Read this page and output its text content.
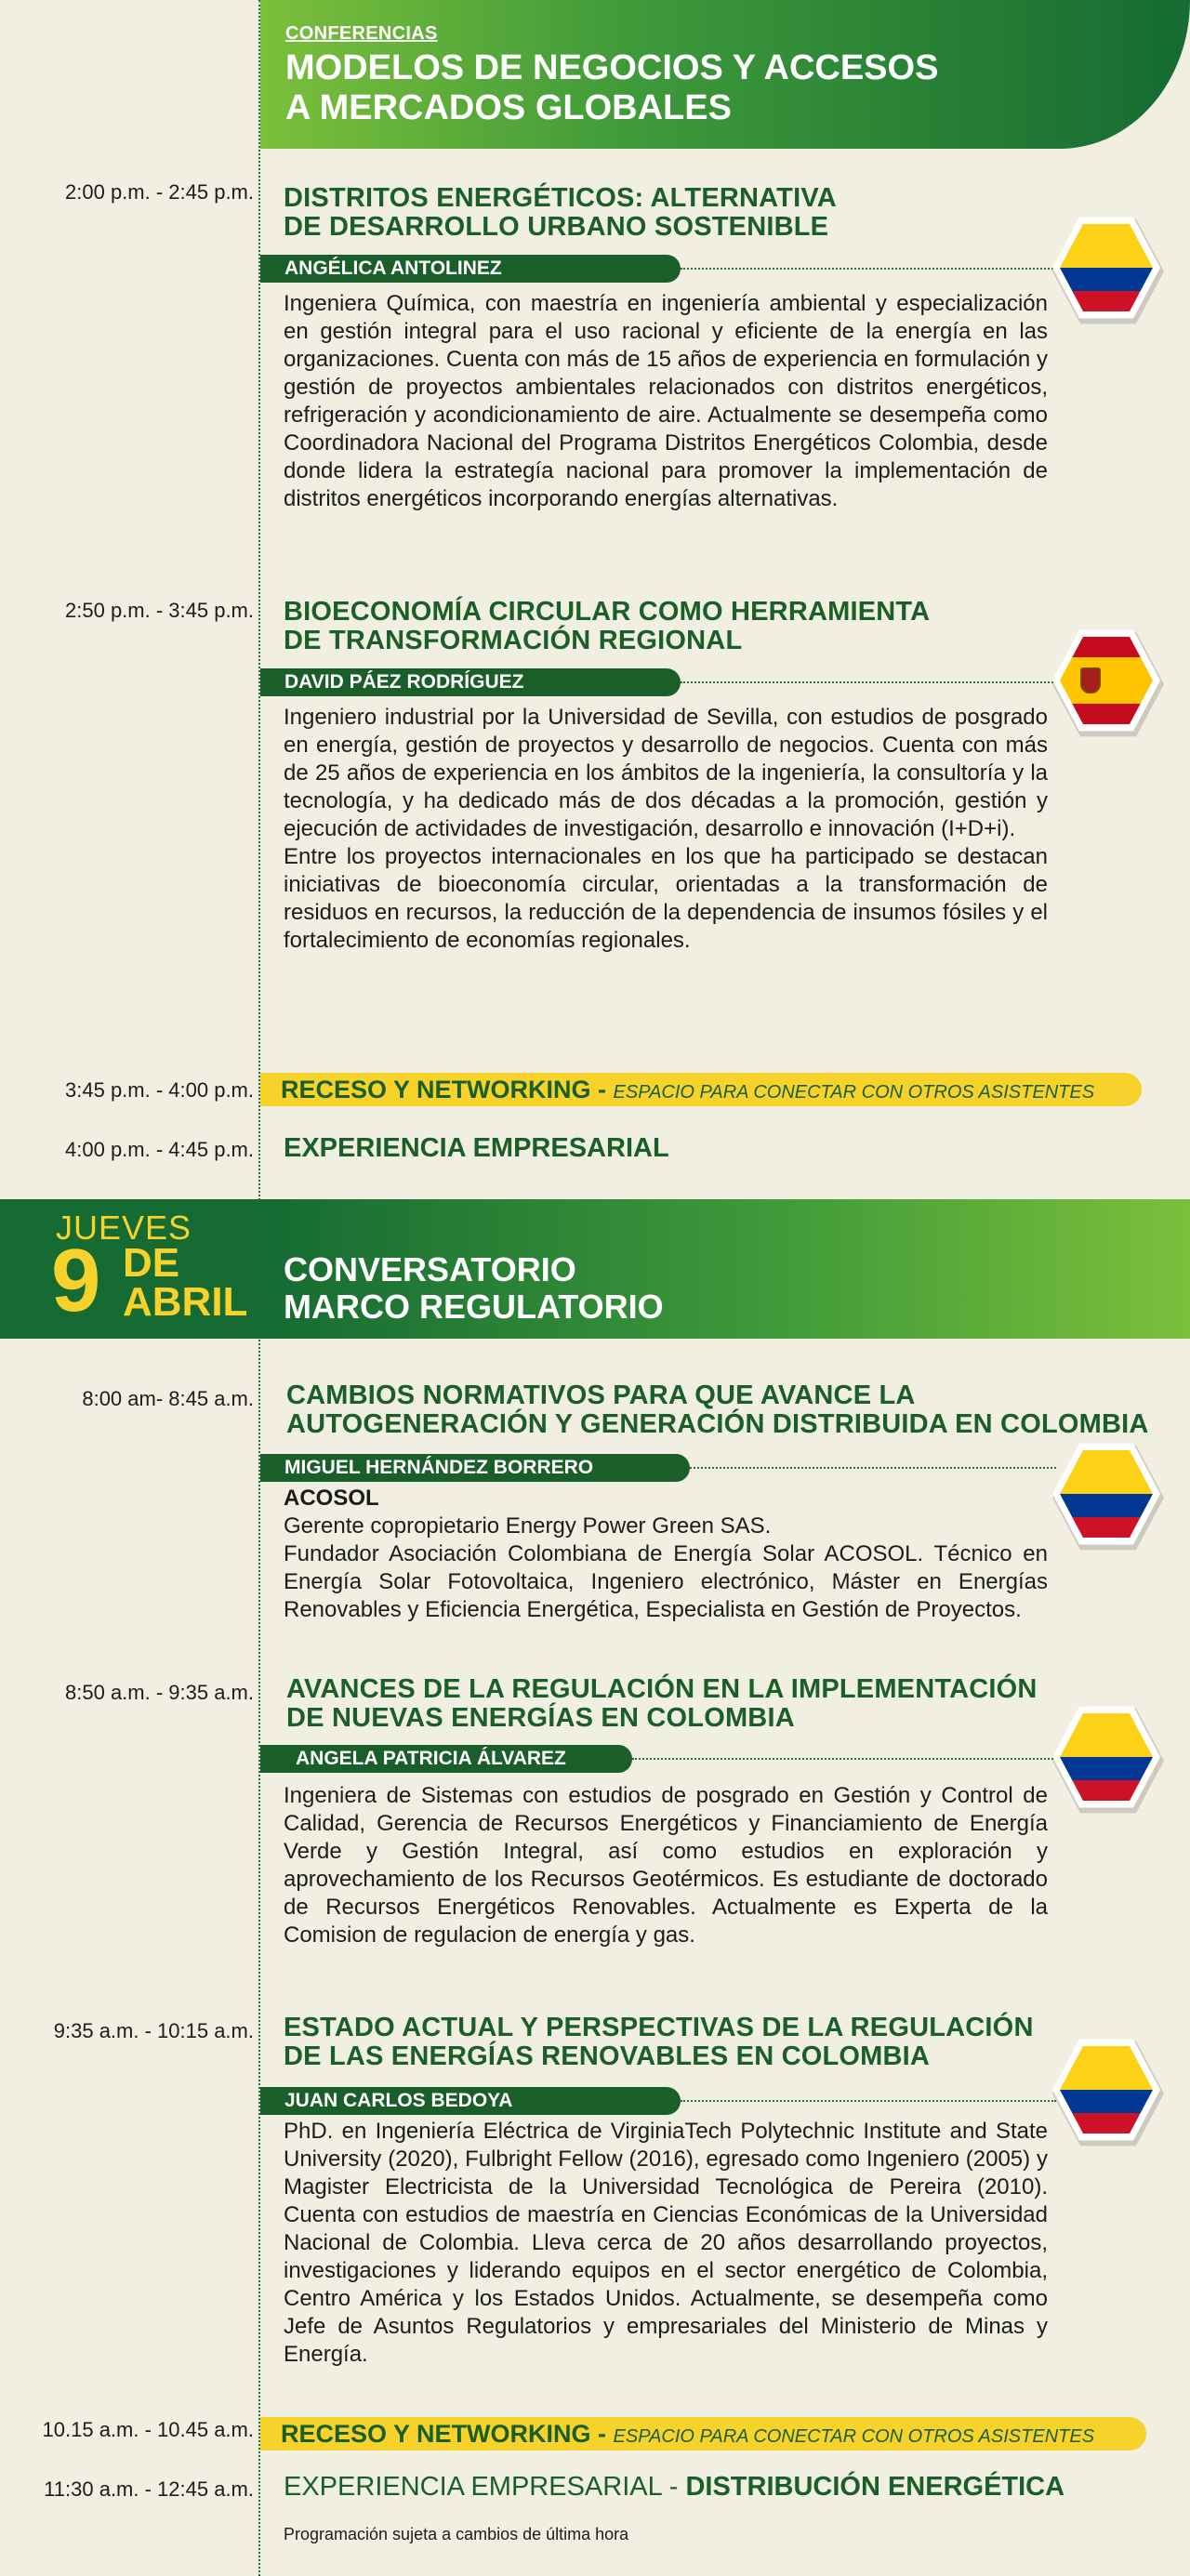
CONFERENCIAS
MODELOS DE NEGOCIOS Y ACCESOS
A MERCADOS GLOBALES
2:00 p.m. - 2:45 p.m. DISTRITOS ENERGÉTICOS: ALTERNATIVA
DE DESARROLLO URBANO SOSTENIBLE
ANGÉLICA ANTOLINEZ
Ingeniera Química, con maestría en ingeniería ambiental y especialización en gestión integral para el uso racional y eficiente de la energía en las organizaciones. Cuenta con más de 15 años de experiencia en formulación y gestión de proyectos ambientales relacionados con distritos energéticos, refrigeración y acondicionamiento de aire. Actualmente se desempeña como Coordinadora Nacional del Programa Distritos Energéticos Colombia, desde donde lidera la estrategía nacional para promover la implementación de distritos energéticos incorporando energías alternativas.
2:50 p.m. - 3:45 p.m. BIOECONOMÍA CIRCULAR COMO HERRAMIENTA
DE TRANSFORMACIÓN REGIONAL
DAVID PÁEZ RODRÍGUEZ

Ingeniero industrial por la Universidad de Sevilla, con estudios de posgrado en energía, gestión de proyectos y desarrollo de negocios. Cuenta con más de 25 años de experiencia en los ámbitos de la ingeniería, la consultoría y la tecnología, y ha dedicado más de dos décadas a la promoción, gestión y ejecución de actividades de investigación, desarrollo e innovación (I+D+i).

Entre los proyectos internacionales en los que ha participado se destacan iniciativas de bioeconomía circular, orientadas a la transformación de residuos en recursos, la reducción de la dependencia de insumos fósiles y el fortalecimiento de economías regionales.

3:45 p.m. - 4:00 p.m.	RECESO Y NETWORKING - ESPACIO PARA CONECTAR CON OTROS ASISTENTES
4:00 p.m. - 4:45 p.m. EXPERIENCIA EMPRESARIAL
JUEVES
9 DE
ABRIL
CONVERSATORIO
MARCO REGULATORIO
8:00 am- 8:45 a.m. CAMBIOS NORMATIVOS PARA QUE AVANCE LA
AUTOGENERACIÓN Y GENERACIÓN DISTRIBUIDA EN COLOMBIA
MIGUEL HERNÁNDEZ BORRERO

ACOSOL

Gerente copropietario Energy Power Green SAS.

Fundador Asociación Colombiana de Energía Solar ACOSOL. Técnico en Energía Solar Fotovoltaica, Ingeniero electrónico, Máster en Energías Renovables y Eficiencia Energética, Especialista en Gestión de Proyectos.

8:50 a.m. - 9:35 a.m. AVANCES DE LA REGULACIÓN EN LA IMPLEMENTACIÓN
DE NUEVAS ENERGÍAS EN COLOMBIA
ANGELA PATRICIA ÁLVAREZ
Ingeniera de Sistemas con estudios de posgrado en Gestión y Control de Calidad, Gerencia de Recursos Energéticos y Financiamiento de Energía Verde y Gestión Integral, así como estudios en exploración y aprovechamiento de los Recursos Geotérmicos. Es estudiante de doctorado de Recursos Energéticos Renovables. Actualmente es Experta de la Comision de regulacion de energía y gas.
9:35 a.m. - 10:15 a.m. ESTADO ACTUAL Y PERSPECTIVAS DE LA REGULACIÓN
DE LAS ENERGÍAS RENOVABLES EN COLOMBIA
JUAN CARLOS BEDOYA
PhD. en Ingeniería Eléctrica de VirginiaTech Polytechnic Institute and State University (2020), Fulbright Fellow (2016), egresado como Ingeniero (2005) y Magister Electricista de la Universidad Tecnológica de Pereira (2010). Cuenta con estudios de maestría en Ciencias Económicas de la Universidad Nacional de Colombia. Lleva cerca de 20 años desarrollando proyectos, investigaciones y liderando equipos en el sector energético de Colombia, Centro América y los Estados Unidos. Actualmente, se desempeña como Jefe de Asuntos Regulatorios y empresariales del Ministerio de Minas y Energía.
10.15 a.m. - 10.45 a.m.	RECESO Y NETWORKING - ESPACIO PARA CONECTAR CON OTROS ASISTENTES
11:30 a.m. - 12:45 a.m. EXPERIENCIA EMPRESARIAL - DISTRIBUCIÓN ENERGÉTICA
Programación sujeta a cambios de última hora
